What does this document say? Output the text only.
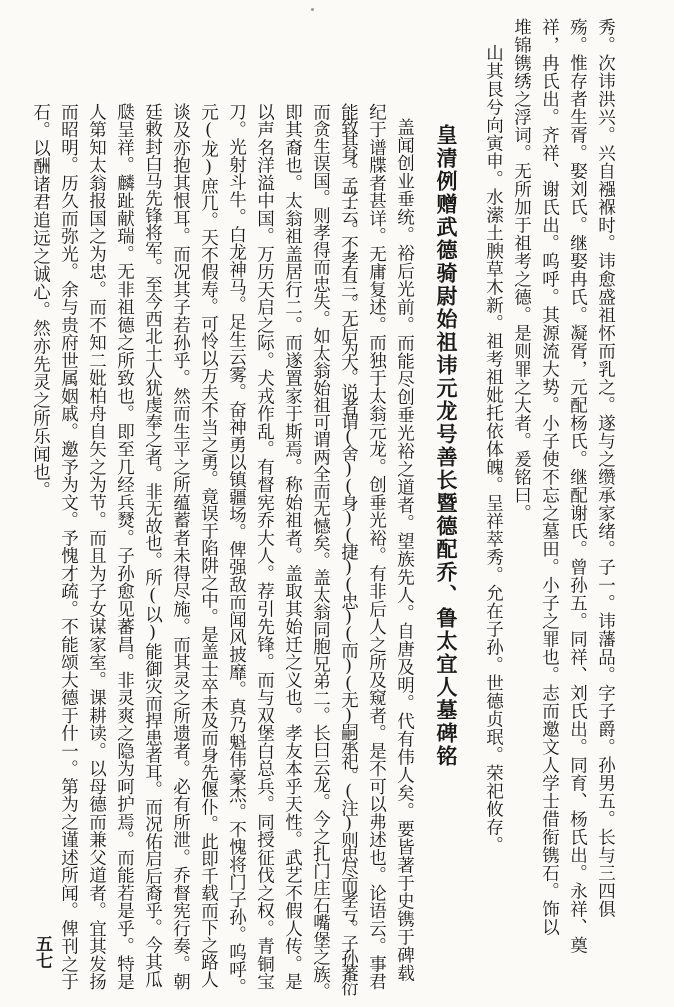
秀。次讳洪兴。兴自襁褓时。讳愈盛祖怀而乳之。遂与之缵承家绪。子一。讳藩品。字子爵。孙男五。长与三四俱
殇。惟存者生胥。娶刘氏。继娶冉氏。凝胥，元配杨氏。继配谢氏。曾孙五。同祥、刘氏出。同育、杨氏出。永祥、奠
祥，冉氏出。齐祥、谢氏出。呜呼。其源流大势。小子使不忘之墓田。小子之罪也。志而邀文人学士借衔镌石。饰以
堆锦镌绣之浮词。无所加于祖考之德。是则罪之大者。爰铭曰。
山其艮兮向寅申。水潆土腴草木新。祖考祖妣托依体魄。呈祥萃秀。允在子孙。世德贞珉。荣祀攸存。
皇清例赠武德骑尉始祖讳元龙号善长暨德配乔、鲁太宜人墓碑铭
盖闻创业垂统。裕后光前。而能尽创垂光裕之道者。望族先人。自唐及明。代有伟人矣。要皆著于史镌于碑载
纪于谱牒者甚详。无庸复述。而独于太翁元龙。创垂光裕。有非后人之所及窥者。是不可以弗述也。论语云。事君
能致其身。孟子云。不孝有三。无后为大。说者谓(舍)(身)(捷)(忠)(而)(无)嗣承祀。(注)则忠尽而孝亏。子孙蕃衍
而贪生误国。则孝得而忠失。如太翁始祖可谓两全而无憾矣。盖太翁同胞兄弟二。长曰云龙。今之扎门庄石嘴堡之族。
即其裔也。太翁祖盖居行二。而遂置家于斯焉。称始祖者。盖取其始迁之义也。孝友本乎天性。武艺不假人传。是
以声名洋溢中国。万历天启之际。犬戎作乱。有督宪乔大人。荐引先锋。而与双堡白总兵。同授征伐之权。青铜宝
刀。光射斗牛。白龙神马。足生云雾。奋神勇以镇疆场。俾强敌而闻风披靡。真乃魁伟豪杰。不愧将门子孙。呜呼。
元(龙)庶几。天不假寿。可怜以万夫不当之勇。竟误于陷阱之中。是盖士卒未及而身先偃仆。此即千载而下之路人
谈及亦抱其恨耳。而况其子若孙乎。然而生平之所蕴蓄者未得尽施。而其灵之所遗者。必有所泄。乔督宪行奏。朝
廷敕封白马先锋将军。至今西北土人犹虔奉之者。非无故也。所(以)能御灾而捍患者耳。而况佑启后裔乎。今其瓜
瓞呈祥。麟趾献瑞。无非祖德之所致也。即至几经兵燹。子孙愈见蕃昌。非灵爽之隐为呵护焉。而能若是乎。特是
人第知太翁报国之为忠。而不知二妣柏舟自矢之为节。而且为子女谋家室。课耕读。以母德而兼父道者。宜其发扬
而昭明。历久而弥光。余与贵府世属姻戚。邀予为文。予愧才疏。不能颂大德于什一。第为之谨述所闻。俾刊之于
石。以酬诸君追远之诚心。然亦先灵之所乐闻也。
五七
